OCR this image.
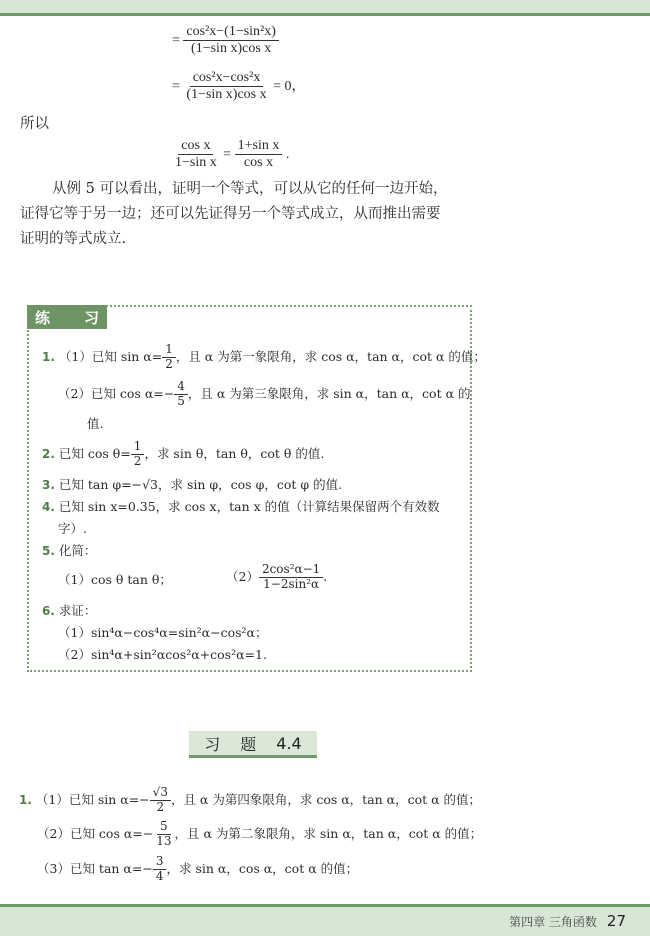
= $\frac{\text{cos²x−(1−sin²x)}}{\text{(1−sin x)cos x}}$
= $\frac{\text{cos²x−cos²x}}{\text{(1−sin x)cos x}} = 0$，
所以
$\frac{\text{cos x}}{\text{1−sin x}} = \frac{\text{1+sin x}}{\text{cos x}}$ .
从例 5 可以看出，证明一个等式，可以从它的任何一边开始，
证得它等于另一边；还可以先证得另一个等式成立，从而推出需要
证明的等式成立.
练 习
1. （1）已知 $\sin \alpha= \frac{1}{2}$ ，且 α 为第一象限角，求 cos α，tan α，cot α 的值；
（2）已知 $\cos \alpha=- \frac{4}{5}$ ，且 α 为第三象限角，求 sin α，tan α，cot α 的
值.
2. 已知 $\cos \theta= \frac{1}{2}$ ，求 sin θ，tan θ，cot θ 的值.
3. 已知 tan φ=−√3，求 sin φ，cos φ，cot φ 的值.
4. 已知 sin x=0.35，求 cos x，tan x 的值（计算结果保留两个有效数
字）.
5. 化简：
（1）cos θ tan θ；	$(2) \frac{\text{2cos²α−1}}{\text{1−2sin²α}}$ .
6. 求证：
（1）sin⁴α−cos⁴α=sin²α−cos²α；
（2）sin⁴α+sin²αcos²α+cos²α=1.
习 题 4.4
1. （1）已知 $\sin \alpha=- \frac{√3}{2}$ ，且 α 为第四象限角，求 cos α，tan α，cot α 的值；
（2）已知 $\cos \alpha=- \frac{5}{13}$ ，且 α 为第二象限角，求 sin α，tan α，cot α 的值；
（3）已知 $\tan \alpha=- \frac{3}{4}$ ，求 sin α，cos α，cot α 的值；
第四章 三角函数 27
